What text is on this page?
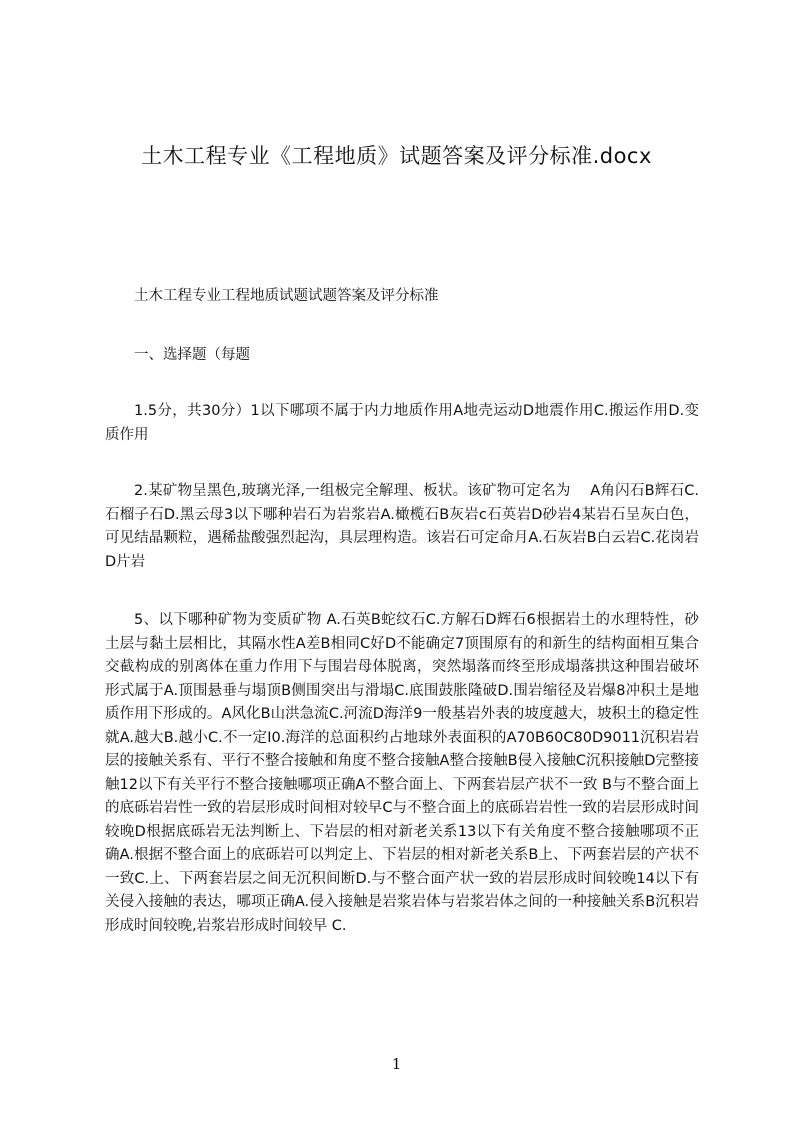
土木工程专业《工程地质》试题答案及评分标准.docx

土木工程专业工程地质试题试题答案及评分标准

一、选择题（每题

1.5分，共30分）1以下哪项不属于内力地质作用A地壳运动D地震作用C.搬运作用D.变质作用

2.某矿物呈黑色,玻璃光泽,一组极完全解理、板状。该矿物可定名为　 A角闪石B辉石C.石榴子石D.黑云母3以下哪种岩石为岩浆岩A.橄榄石B灰岩c石英岩D砂岩4某岩石呈灰白色，可见结晶颗粒，遇稀盐酸强烈起沟，具层理构造。该岩石可定命月A.石灰岩B白云岩C.花岗岩D片岩

5、以下哪种矿物为变质矿物 A.石英B蛇纹石C.方解石D辉石6根据岩土的水理特性，砂土层与黏土层相比，其隔水性A差B相同C好D不能确定7顶围原有的和新生的结构面相互集合交截构成的别离体在重力作用下与围岩母体脱离，突然塌落而终至形成塌落拱这种围岩破坏形式属于A.顶围悬垂与塌顶B侧围突出与滑塌C.底围鼓胀隆破D.围岩缩径及岩爆8冲积土是地质作用下形成的。A风化B山洪急流C.河流D海洋9一般基岩外表的坡度越大，坡积土的稳定性就A.越大B.越小C.不一定I0.海洋的总面积约占地球外表面积的A70B60C80D9011沉积岩岩层的接触关系有、平行不整合接触和角度不整合接触A整合接触B侵入接触C沉积接触D完整接触12以下有关平行不整合接触哪项正确A不整合面上、下两套岩层产状不一致 B与不整合面上的底砾岩岩性一致的岩层形成时间相对较早C与不整合面上的底砾岩岩性一致的岩层形成时间较晚D根据底砾岩无法判断上、下岩层的相对新老关系13以下有关角度不整合接触哪项不正确A.根据不整合面上的底砾岩可以判定上、下岩层的相对新老关系B上、下两套岩层的产状不一致C.上、下两套岩层之间无沉积间断D.与不整合面产状一致的岩层形成时间较晚14以下有关侵入接触的表达，哪项正确A.侵入接触是岩浆岩体与岩浆岩体之间的一种接触关系B沉积岩形成时间较晚,岩浆岩形成时间较早 C.

1
